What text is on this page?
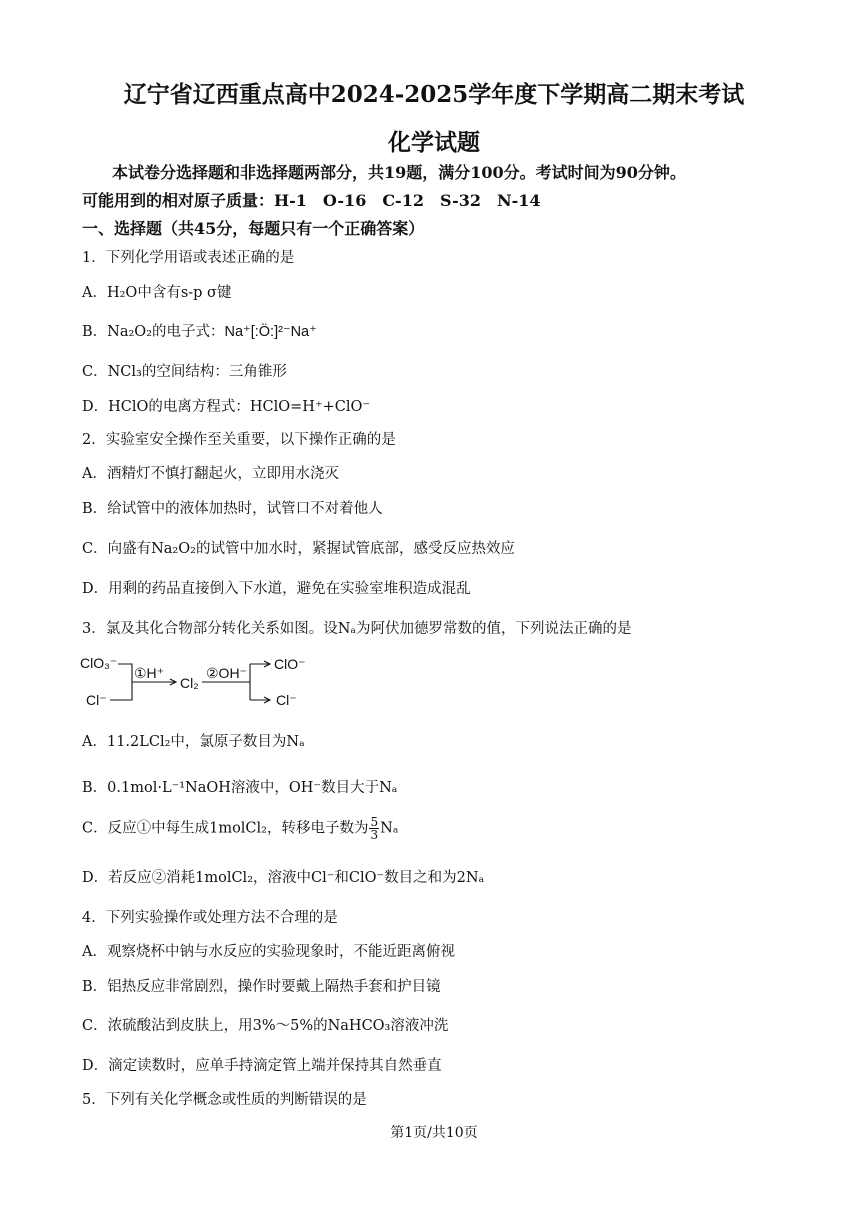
辽宁省辽西重点高中2024-2025学年度下学期高二期末考试
化学试题
本试卷分选择题和非选择题两部分，共19题，满分100分。考试时间为90分钟。
可能用到的相对原子质量：H-1　O-16　C-12　S-32　N-14
一、选择题（共45分，每题只有一个正确答案）
1．下列化学用语或表述正确的是
A．H₂O中含有s-p σ键
B．Na₂O₂的电子式：Na⁺[:Ö:]²⁻Na⁺
C．NCl₃的空间结构：三角锥形
D．HClO的电离方程式：HClO=H⁺+ClO⁻
2．实验室安全操作至关重要，以下操作正确的是
A．酒精灯不慎打翻起火，立即用水浇灭
B．给试管中的液体加热时，试管口不对着他人
C．向盛有Na₂O₂的试管中加水时，紧握试管底部，感受反应热效应
D．用剩的药品直接倒入下水道，避免在实验室堆积造成混乱
3．氯及其化合物部分转化关系如图。设Nₐ为阿伏加德罗常数的值，下列说法正确的是
ClO₃⁻
Cl⁻
①H⁺
Cl₂
②OH⁻
ClO⁻
Cl⁻
A．11.2LCl₂中，氯原子数目为Nₐ
B．0.1mol·L⁻¹NaOH溶液中，OH⁻数目大于Nₐ
C．反应①中每生成1molCl₂，转移电子数为 $\frac{5}{3}$ Nₐ
D．若反应②消耗1molCl₂，溶液中Cl⁻和ClO⁻数目之和为2Nₐ
4．下列实验操作或处理方法不合理的是
A．观察烧杯中钠与水反应的实验现象时，不能近距离俯视
B．铝热反应非常剧烈，操作时要戴上隔热手套和护目镜
C．浓硫酸沾到皮肤上，用3%～5%的NaHCO₃溶液冲洗
D．滴定读数时，应单手持滴定管上端并保持其自然垂直
5．下列有关化学概念或性质的判断错误的是
第1页/共10页
